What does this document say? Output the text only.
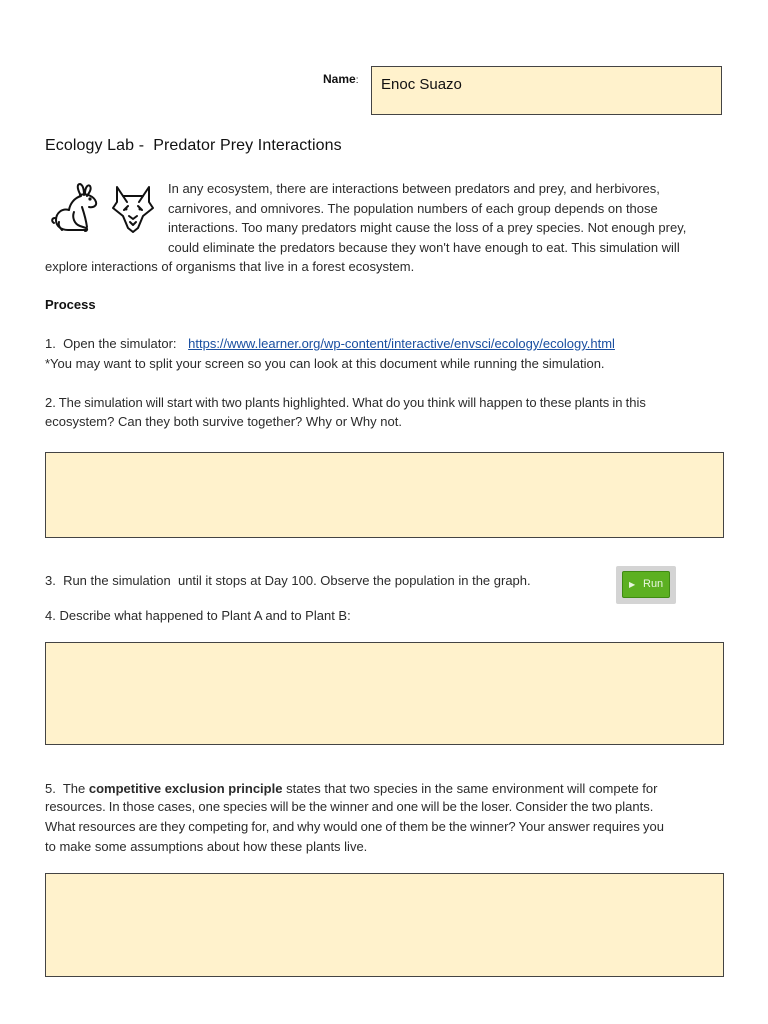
Name: Enoc Suazo
Ecology Lab -  Predator Prey Interactions
In any ecosystem, there are interactions between predators and prey, and herbivores,
carnivores, and omnivores. The population numbers of each group depends on those
interactions. Too many predators might cause the loss of a prey species. Not enough prey,
could eliminate the predators because they won't have enough to eat. This simulation will
explore interactions of organisms that live in a forest ecosystem.
Process
1.  Open the simulator: https://www.learner.org/wp-content/interactive/envsci/ecology/ecology.html
*You may want to split your screen so you can look at this document while running the simulation.
2. The simulation will start with two plants highlighted. What do you think will happen to these plants in this
ecosystem? Can they both survive together? Why or Why not.
3.  Run the simulation  until it stops at Day 100. Observe the population in the graph.	▶ Run
4. Describe what happened to Plant A and to Plant B:
5.  The competitive exclusion principle states that two species in the same environment will compete for
resources. In those cases, one species will be the winner and one will be the loser. Consider the two plants.
What resources are they competing for, and why would one of them be the winner? Your answer requires you
to make some assumptions about how these plants live.
